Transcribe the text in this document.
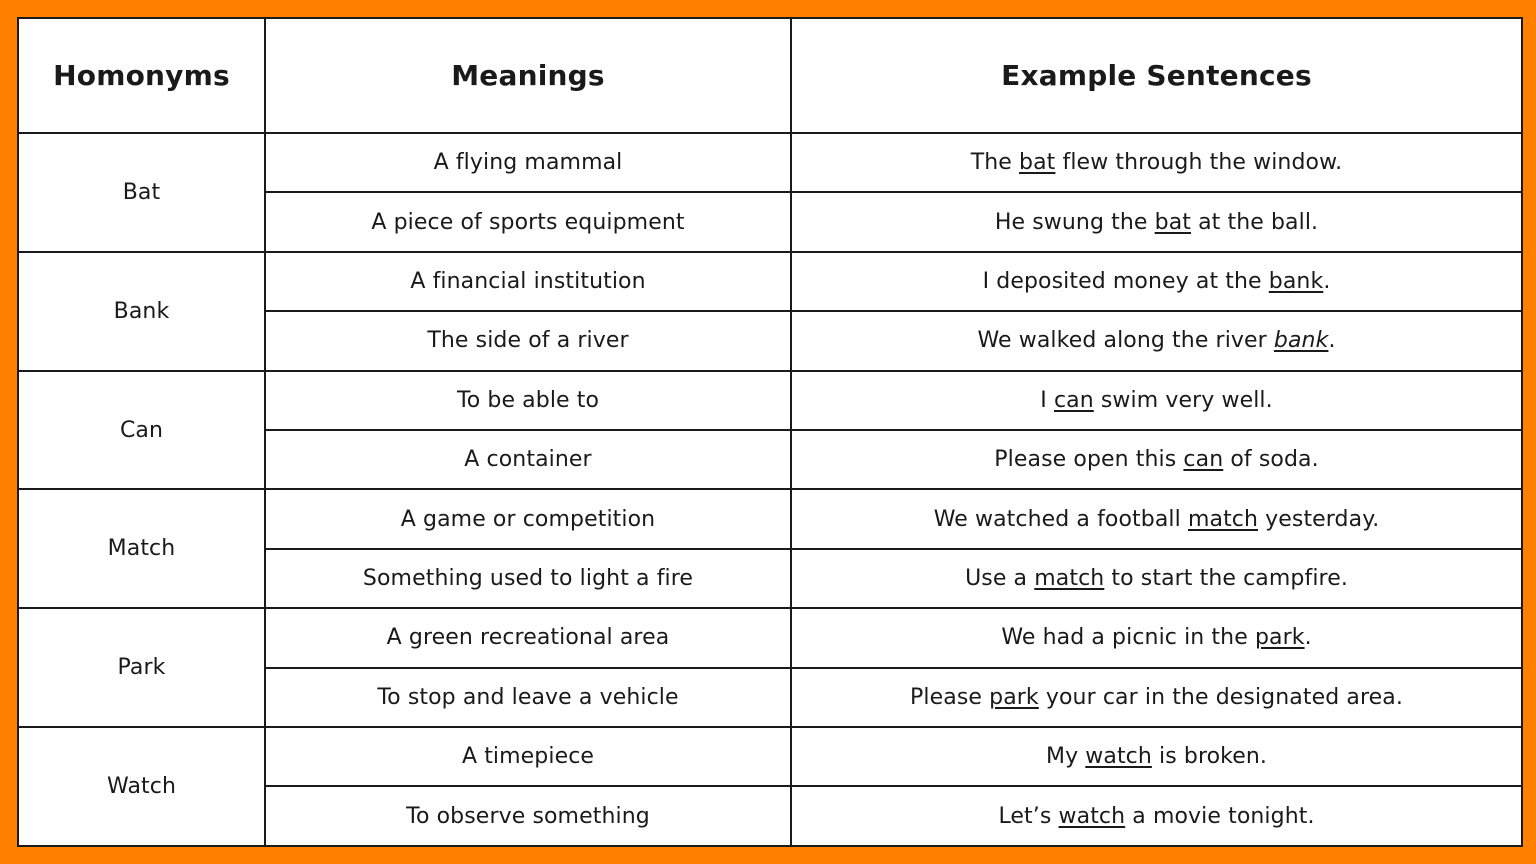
Homonyms	Meanings	Example Sentences
Bat	A flying mammal	The bat flew through the window.
	A piece of sports equipment	He swung the bat at the ball.
Bank	A financial institution	I deposited money at the bank.
	The side of a river	We walked along the river bank.
Can	To be able to	I can swim very well.
	A container	Please open this can of soda.
Match	A game or competition	We watched a football match yesterday.
	Something used to light a fire	Use a match to start the campfire.
Park	A green recreational area	We had a picnic in the park.
	To stop and leave a vehicle	Please park your car in the designated area.
Watch	A timepiece	My watch is broken.
	To observe something	Let’s watch a movie tonight.
